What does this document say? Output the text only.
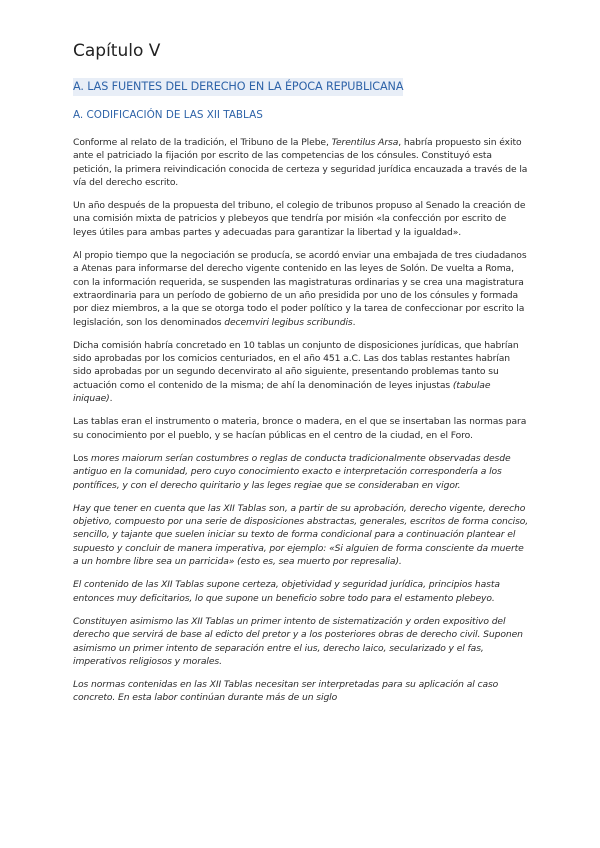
Capítulo V
A. LAS FUENTES DEL DERECHO EN LA ÉPOCA REPUBLICANA
A. CODIFICACIÓN DE LAS XII TABLAS

Conforme al relato de la tradición, el Tribuno de la Plebe, Terentilus Arsa, habría propuesto sin éxito ante el patriciado la fijación por escrito de las competencias de los cónsules. Constituyó esta petición, la primera reivindicación conocida de certeza y seguridad jurídica encauzada a través de la vía del derecho escrito.

Un año después de la propuesta del tribuno, el colegio de tribunos propuso al Senado la creación de una comisión mixta de patricios y plebeyos que tendría por misión «la confección por escrito de leyes útiles para ambas partes y adecuadas para garantizar la libertad y la igualdad».

Al propio tiempo que la negociación se producía, se acordó enviar una embajada de tres ciudadanos a Atenas para informarse del derecho vigente contenido en las leyes de Solón. De vuelta a Roma, con la información requerida, se suspenden las magistraturas ordinarias y se crea una magistratura extraordinaria para un período de gobierno de un año presidida por uno de los cónsules y formada por diez miembros, a la que se otorga todo el poder político y la tarea de confeccionar por escrito la legislación, son los denominados decemviri legibus scribundis.

Dicha comisión habría concretado en 10 tablas un conjunto de disposiciones jurídicas, que habrían sido aprobadas por los comicios centuriados, en el año 451 a.C. Las dos tablas restantes habrían sido aprobadas por un segundo decenvirato al año siguiente, presentando problemas tanto su actuación como el contenido de la misma; de ahí la denominación de leyes injustas (tabulae iniquae).

Las tablas eran el instrumento o materia, bronce o madera, en el que se insertaban las normas para su conocimiento por el pueblo, y se hacían públicas en el centro de la ciudad, en el Foro.

Los mores maiorum serían costumbres o reglas de conducta tradicionalmente observadas desde antiguo en la comunidad, pero cuyo conocimiento exacto e interpretación correspondería a los pontífices, y con el derecho quiritario y las leges regiae que se consideraban en vigor.

Hay que tener en cuenta que las XII Tablas son, a partir de su aprobación, derecho vigente, derecho objetivo, compuesto por una serie de disposiciones abstractas, generales, escritos de forma conciso, sencillo, y tajante que suelen iniciar su texto de forma condicional para a continuación plantear el supuesto y concluir de manera imperativa, por ejemplo: «Si alguien de forma consciente da muerte a un hombre libre sea un parricida» (esto es, sea muerto por represalia).

El contenido de las XII Tablas supone certeza, objetividad y seguridad jurídica, principios hasta entonces muy deficitarios, lo que supone un beneficio sobre todo para el estamento plebeyo.

Constituyen asimismo las XII Tablas un primer intento de sistematización y orden expositivo del derecho que servirá de base al edicto del pretor y a los posteriores obras de derecho civil. Suponen asimismo un primer intento de separación entre el ius, derecho laico, secularizado y el fas, imperativos religiosos y morales.

Los normas contenidas en las XII Tablas necesitan ser interpretadas para su aplicación al caso concreto. En esta labor continúan durante más de un siglo
